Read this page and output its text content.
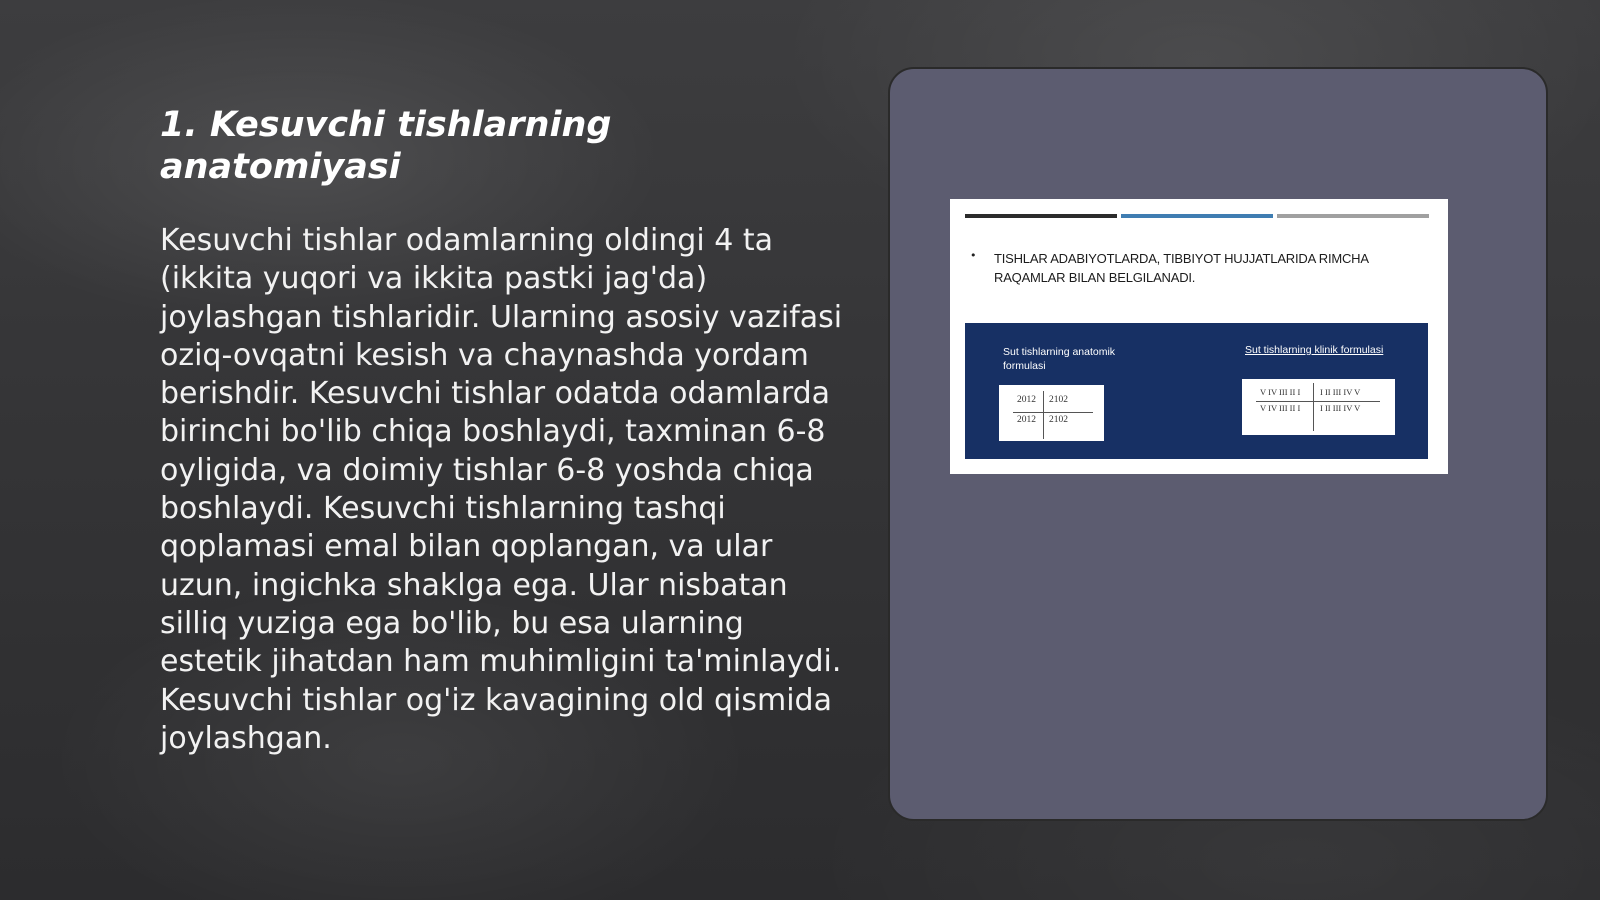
1. Kesuvchi tishlarning anatomiyasi

Kesuvchi tishlar odamlarning oldingi 4 ta (ikkita yuqori va ikkita pastki jag'da) joylashgan tishlaridir. Ularning asosiy vazifasi oziq-ovqatni kesish va chaynashda yordam berishdir. Kesuvchi tishlar odatda odamlarda birinchi bo'lib chiqa boshlaydi, taxminan 6-8 oyligida, va doimiy tishlar 6-8 yoshda chiqa boshlaydi. Kesuvchi tishlarning tashqi qoplamasi emal bilan qoplangan, va ular uzun, ingichka shaklga ega. Ular nisbatan silliq yuziga ega bo'lib, bu esa ularning estetik jihatdan ham muhimligini ta'minlaydi. Kesuvchi tishlar og'iz kavagining old qismida joylashgan.

• TISHLAR ADABIYOTLARDA, TIBBIYOT HUJJATLARIDA RIMCHA RAQAMLAR BILAN BELGILANADI.
Sut tishlarning anatomik formulasi
Sut tishlarning klinik formulasi
2012 2102
2012 2102
V IV III II I I II III IV V
V IV III II I I II III IV V
